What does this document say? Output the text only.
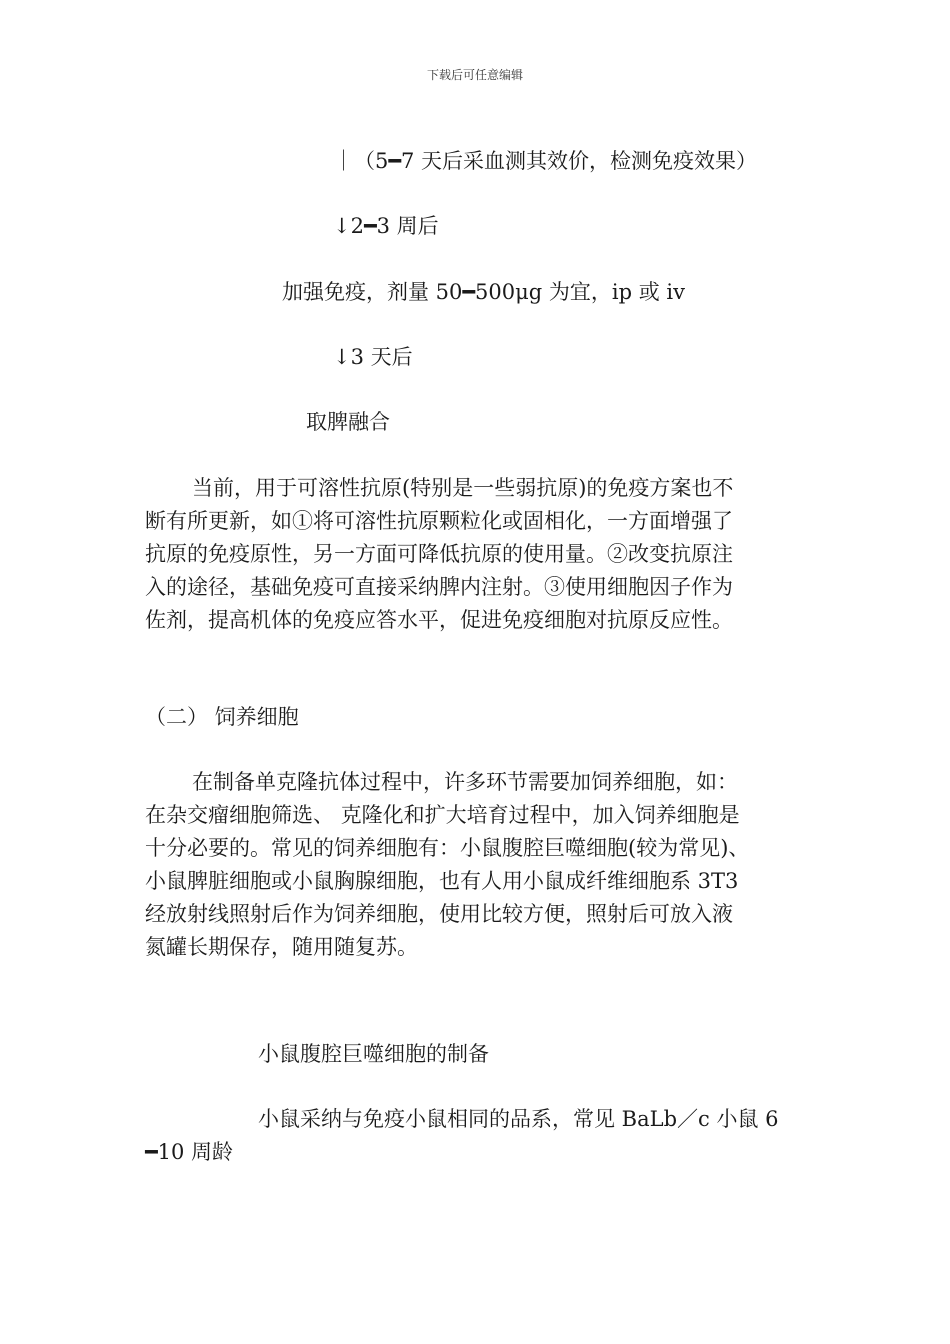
下载后可任意编辑
｜（5━7 天后采血测其效价，检测免疫效果）
↓2━3 周后
加强免疫，剂量 50━500μg 为宜，ip 或 iv
↓3 天后
取脾融合

当前，用于可溶性抗原(特别是一些弱抗原)的免疫方案也不
断有所更新，如①将可溶性抗原颗粒化或固相化，一方面增强了
抗原的免疫原性，另一方面可降低抗原的使用量。②改变抗原注
入的途径，基础免疫可直接采纳脾内注射。③使用细胞因子作为
佐剂，提高机体的免疫应答水平，促进免疫细胞对抗原反应性。

（二） 饲养细胞

在制备单克隆抗体过程中，许多环节需要加饲养细胞，如：
在杂交瘤细胞筛选、 克隆化和扩大培育过程中，加入饲养细胞是
十分必要的。常见的饲养细胞有：小鼠腹腔巨噬细胞(较为常见)、
小鼠脾脏细胞或小鼠胸腺细胞，也有人用小鼠成纤维细胞系 3T3
经放射线照射后作为饲养细胞，使用比较方便，照射后可放入液
氮罐长期保存，随用随复苏。

小鼠腹腔巨噬细胞的制备

小鼠采纳与免疫小鼠相同的品系，常见 BaLb／c 小鼠 6
━10 周龄
